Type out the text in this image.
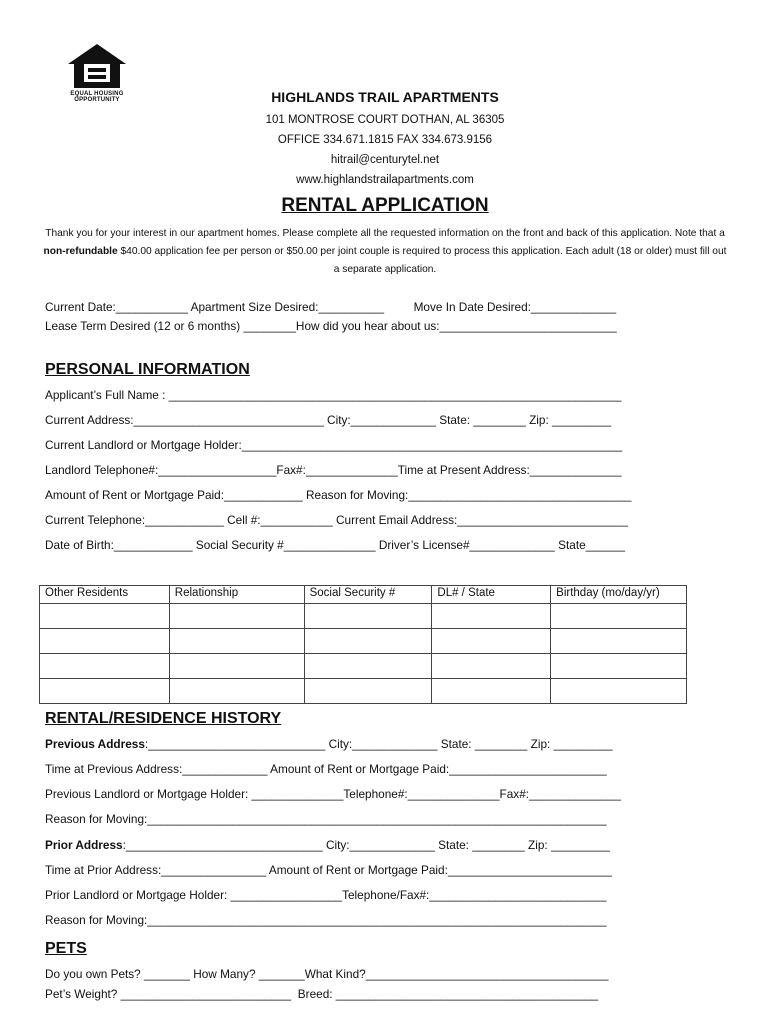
EQUAL HOUSING OPPORTUNITY	HIGHLANDS TRAIL APARTMENTS
101 MONTROSE COURT DOTHAN, AL 36305
OFFICE 334.671.1815 FAX 334.673.9156
hitrail@centurytel.net
www.highlandstrailapartments.com
RENTAL APPLICATION
Thank you for your interest in our apartment homes. Please complete all the requested information on the front and back of this application. Note that a non-refundable $40.00 application fee per person or $50.00 per joint couple is required to process this application. Each adult (18 or older) must fill out a separate application.
Current Date:___________ Apartment Size Desired:__________         Move In Date Desired:_____________
Lease Term Desired (12 or 6 months) ________How did you hear about us:___________________________
PERSONAL INFORMATION
Applicant’s Full Name : _____________________________________________________________________
Current Address:_____________________________ City:_____________ State: ________ Zip: _________
Current Landlord or Mortgage Holder:__________________________________________________________
Landlord Telephone#:__________________Fax#:______________Time at Present Address:______________
Amount of Rent or Mortgage Paid:____________ Reason for Moving:__________________________________
Current Telephone:____________ Cell #:___________ Current Email Address:__________________________
Date of Birth:____________ Social Security #______________ Driver’s License#_____________ State______
Other Residents	Relationship	Social Security #	DL# / State	Birthday (mo/day/yr)

RENTAL/RESIDENCE HISTORY
Previous Address:___________________________ City:_____________ State: ________ Zip: _________
Time at Previous Address:_____________ Amount of Rent or Mortgage Paid:________________________
Previous Landlord or Mortgage Holder: ______________Telephone#:______________Fax#:______________
Reason for Moving:______________________________________________________________________
Prior Address:______________________________ City:_____________ State: ________ Zip: _________
Time at Prior Address:________________ Amount of Rent or Mortgage Paid:_________________________
Prior Landlord or Mortgage Holder: _________________Telephone/Fax#:___________________________
Reason for Moving:______________________________________________________________________
PETS
Do you own Pets? _______ How Many? _______What Kind?_____________________________________
Pet’s Weight? __________________________  Breed: ________________________________________
